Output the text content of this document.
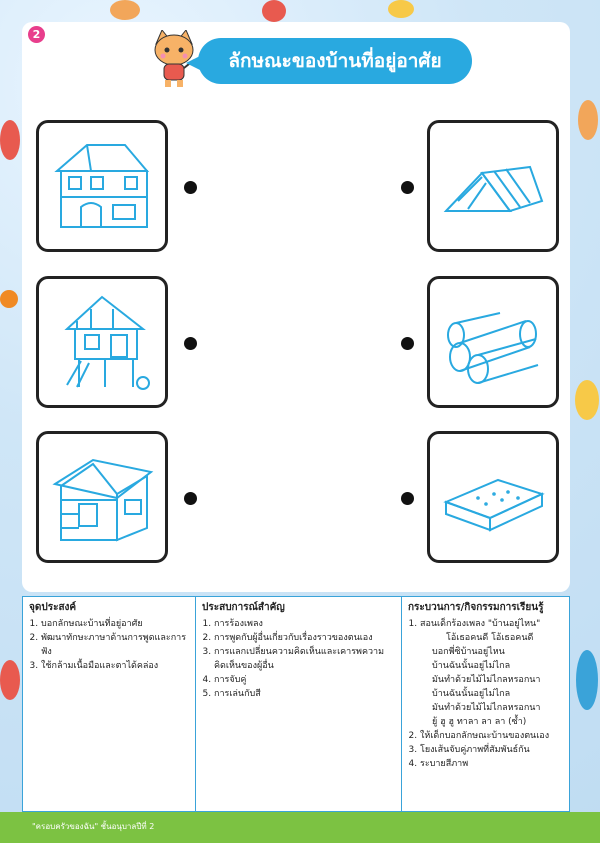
2
ลักษณะของบ้านที่อยู่อาศัย
จุดประสงค์
1. บอกลักษณะบ้านที่อยู่อาศัย
2. พัฒนาทักษะภาษาด้านการพูดและการฟัง
3. ใช้กล้ามเนื้อมือและตาได้คล่อง
ประสบการณ์สำคัญ
1. การร้องเพลง
2. การพูดกับผู้อื่นเกี่ยวกับเรื่องราวของตนเอง
3. การแลกเปลี่ยนความคิดเห็นและเคารพความคิดเห็นของผู้อื่น
4. การจับคู่
5. การเล่นกับสี
กระบวนการ/กิจกรรมการเรียนรู้
1. สอนเด็กร้องเพลง "บ้านอยู่ไหน"
โอ้เธอคนดี โอ้เธอคนดี
บอกพี่ซิบ้านอยู่ไหน
บ้านฉันนั้นอยู่ไม่ไกล
มันทำด้วยไม้ไม่ไกลหรอกนา
บ้านฉันนั้นอยู่ไม่ไกล
มันทำด้วยไม้ไม่ไกลหรอกนา
ยู้ ฮู ฮู ทาลา ลา ลา (ซ้ำ)
2. ให้เด็กบอกลักษณะบ้านของตนเอง
3. โยงเส้นจับคู่ภาพที่สัมพันธ์กัน
4. ระบายสีภาพ
"ครอบครัวของฉัน" ชั้นอนุบาลปีที่ 2
